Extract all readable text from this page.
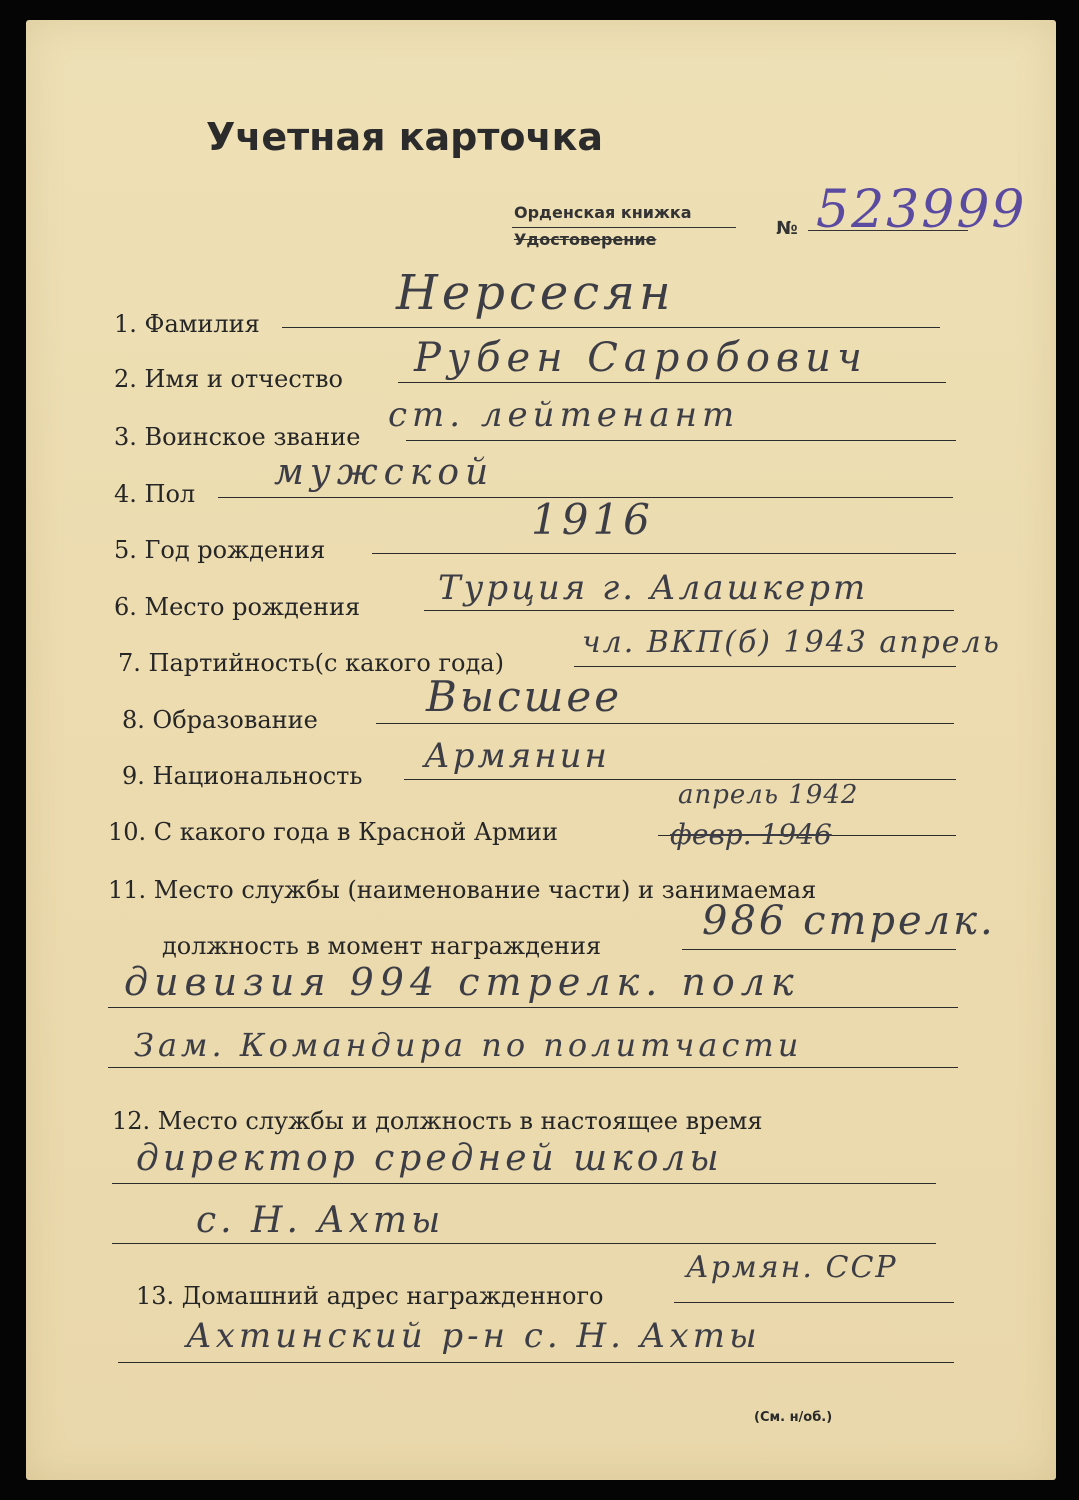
Учетная карточка
Орденская книжка
Удостоверение
№ 523999
1. Фамилия
Нерсесян
2. Имя и отчество Рубен Саробович
3. Воинское звание
ст. лейтенант
4. Пол
мужской
5. Год рождения
1916
6. Место рождения Турция г. Алашкерт
7. Партийность(с какого года)
чл. ВКП(б) 1943 апрель
8. Образование	Высшее
9. Национальность Армянин
10. С какого года в Красной Армии
апрель 1942
февр. 1946
11. Место службы (наименование части) и занимаемая
должность в момент награждения
986 стрелк.
дивизия 994 стрелк. полк
Зам. Командира по политчасти
12. Место службы и должность в настоящее время
директор средней школы
с. Н. Ахты
13. Домашний адрес награжденного
Армян. ССР
Ахтинский р-н с. Н. Ахты
(См. н/об.)
